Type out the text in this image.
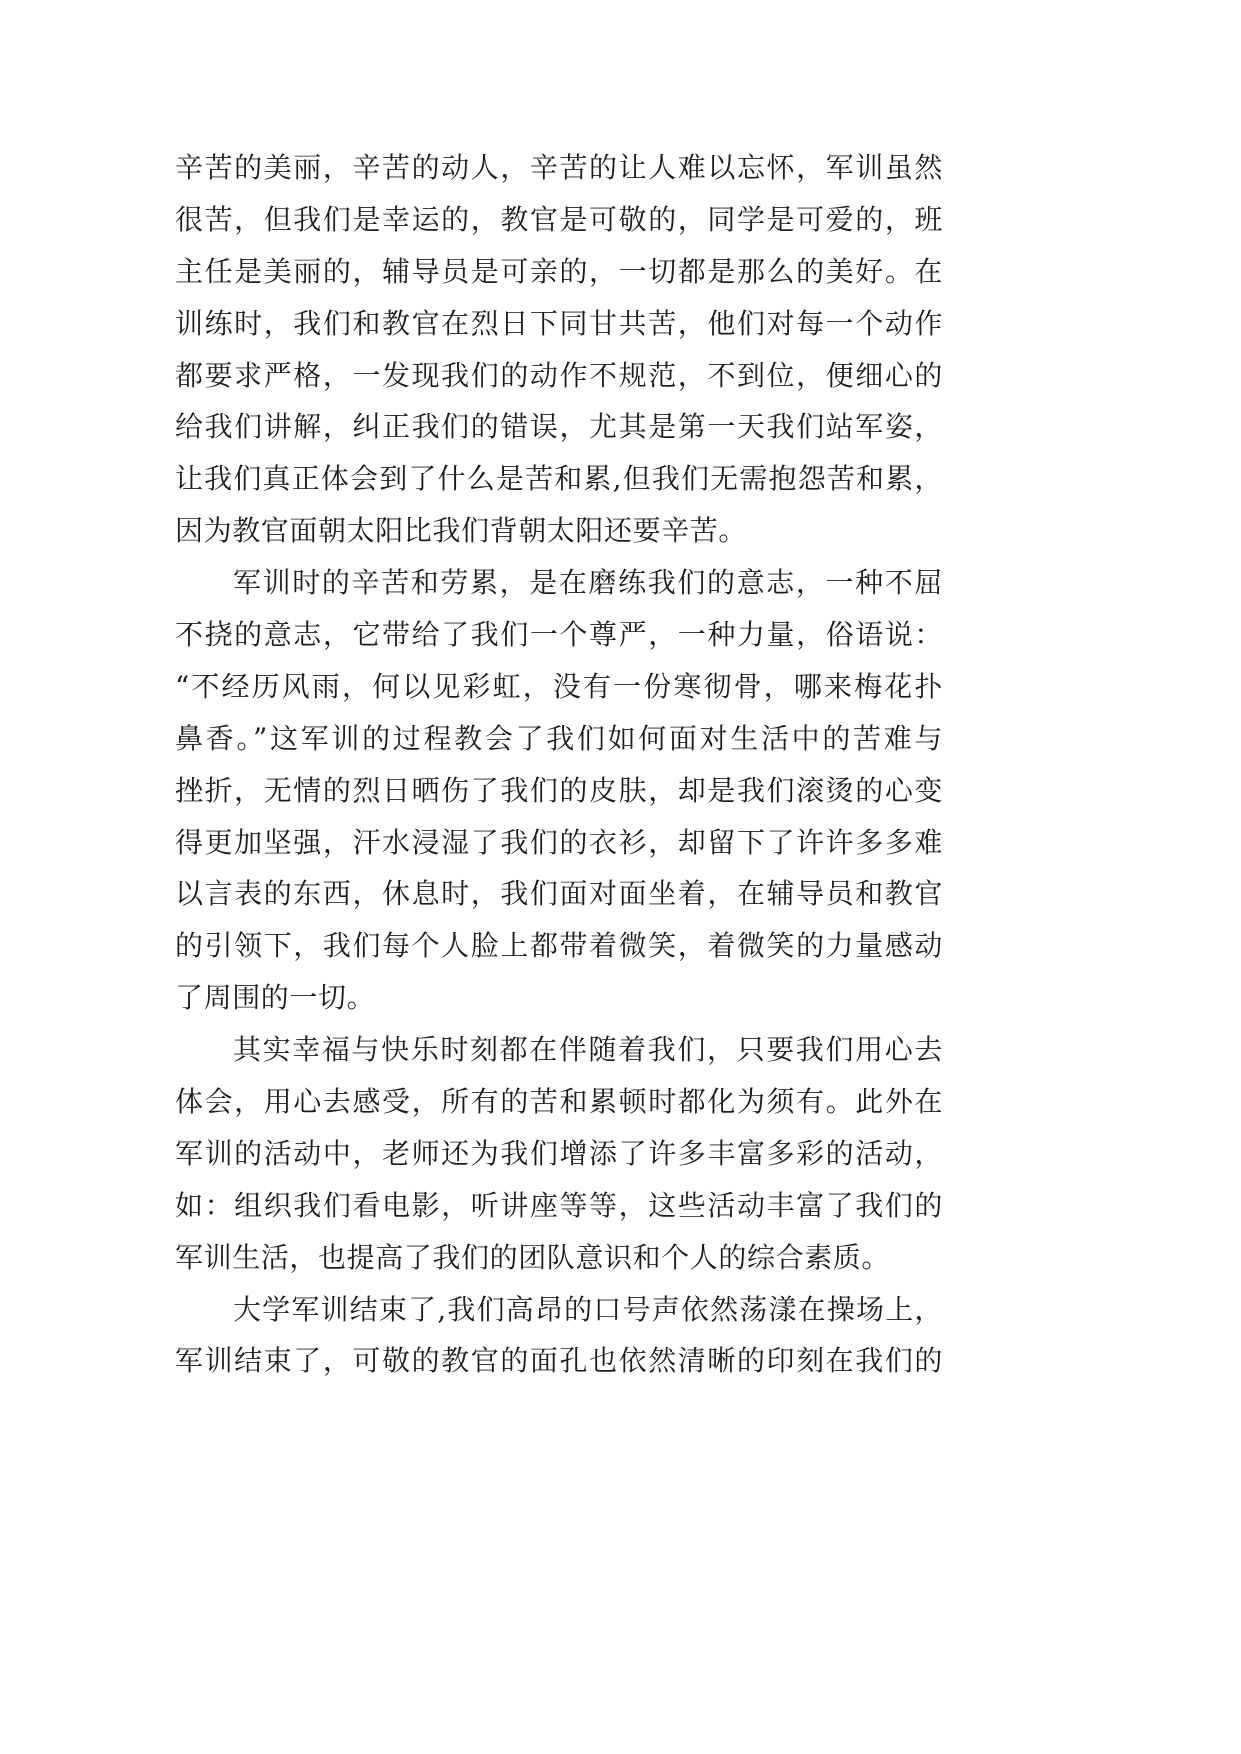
辛苦的美丽，辛苦的动人，辛苦的让人难以忘怀，军训虽然
很苦，但我们是幸运的，教官是可敬的，同学是可爱的，班
主任是美丽的，辅导员是可亲的，一切都是那么的美好。在
训练时，我们和教官在烈日下同甘共苦，他们对每一个动作
都要求严格，一发现我们的动作不规范，不到位，便细心的
给我们讲解，纠正我们的错误，尤其是第一天我们站军姿，
让我们真正体会到了什么是苦和累,但我们无需抱怨苦和累，
因为教官面朝太阳比我们背朝太阳还要辛苦。
军训时的辛苦和劳累，是在磨练我们的意志，一种不屈
不挠的意志，它带给了我们一个尊严，一种力量，俗语说：
“不经历风雨，何以见彩虹，没有一份寒彻骨，哪来梅花扑
鼻香。”这军训的过程教会了我们如何面对生活中的苦难与
挫折，无情的烈日晒伤了我们的皮肤，却是我们滚烫的心变
得更加坚强，汗水浸湿了我们的衣衫，却留下了许许多多难
以言表的东西，休息时，我们面对面坐着，在辅导员和教官
的引领下，我们每个人脸上都带着微笑，着微笑的力量感动
了周围的一切。
其实幸福与快乐时刻都在伴随着我们，只要我们用心去
体会，用心去感受，所有的苦和累顿时都化为须有。此外在
军训的活动中，老师还为我们增添了许多丰富多彩的活动，
如：组织我们看电影，听讲座等等，这些活动丰富了我们的
军训生活，也提高了我们的团队意识和个人的综合素质。
大学军训结束了,我们高昂的口号声依然荡漾在操场上，
军训结束了，可敬的教官的面孔也依然清晰的印刻在我们的
